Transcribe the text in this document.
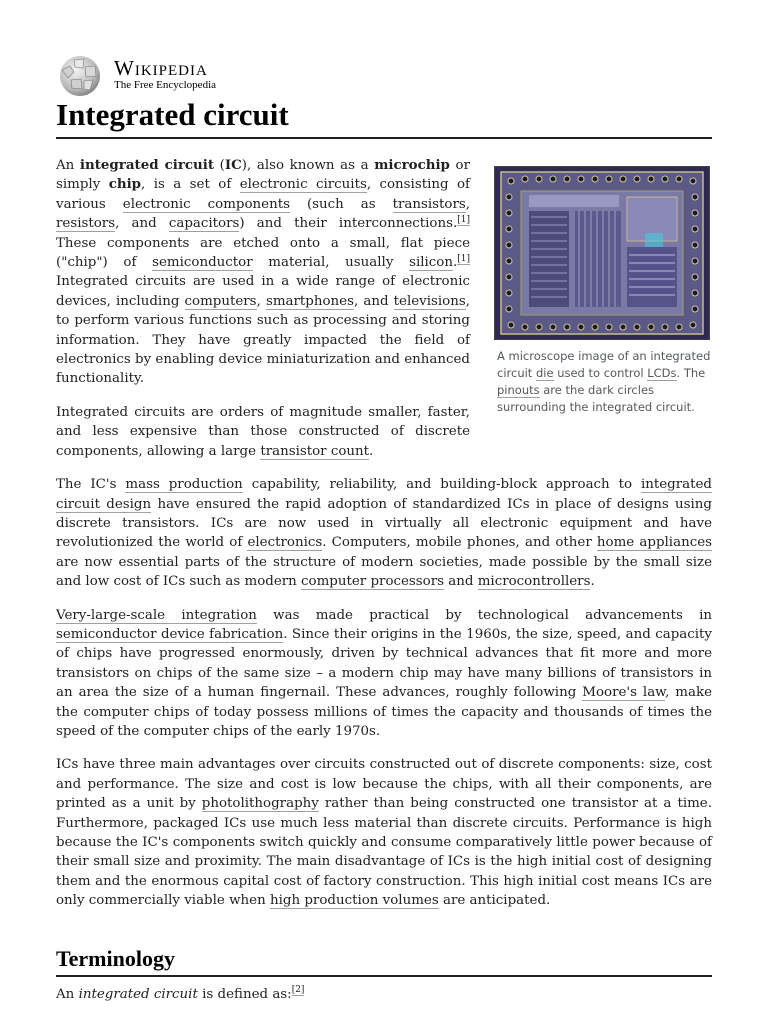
Wikipedia
The Free Encyclopedia
Integrated circuit
A microscope image of an integrated circuit die used to control LCDs. The pinouts are the dark circles surrounding the integrated circuit.

An integrated circuit (IC), also known as a microchip or simply chip, is a set of electronic circuits, consisting of various electronic components (such as transistors, resistors, and capacitors) and their interconnections.[1] These components are etched onto a small, flat piece ("chip") of semiconductor material, usually silicon.[1] Integrated circuits are used in a wide range of electronic devices, including computers, smartphones, and televisions, to perform various functions such as processing and storing information. They have greatly impacted the field of electronics by enabling device miniaturization and enhanced functionality.

Integrated circuits are orders of magnitude smaller, faster, and less expensive than those constructed of discrete components, allowing a large transistor count.

The IC's mass production capability, reliability, and building-block approach to integrated circuit design have ensured the rapid adoption of standardized ICs in place of designs using discrete transistors. ICs are now used in virtually all electronic equipment and have revolutionized the world of electronics. Computers, mobile phones, and other home appliances are now essential parts of the structure of modern societies, made possible by the small size and low cost of ICs such as modern computer processors and microcontrollers.

Very-large-scale integration was made practical by technological advancements in semiconductor device fabrication. Since their origins in the 1960s, the size, speed, and capacity of chips have progressed enormously, driven by technical advances that fit more and more transistors on chips of the same size – a modern chip may have many billions of transistors in an area the size of a human fingernail. These advances, roughly following Moore's law, make the computer chips of today possess millions of times the capacity and thousands of times the speed of the computer chips of the early 1970s.

ICs have three main advantages over circuits constructed out of discrete components: size, cost and performance. The size and cost is low because the chips, with all their components, are printed as a unit by photolithography rather than being constructed one transistor at a time. Furthermore, packaged ICs use much less material than discrete circuits. Performance is high because the IC's components switch quickly and consume comparatively little power because of their small size and proximity. The main disadvantage of ICs is the high initial cost of designing them and the enormous capital cost of factory construction. This high initial cost means ICs are only commercially viable when high production volumes are anticipated.

Terminology

An integrated circuit is defined as:[2]
